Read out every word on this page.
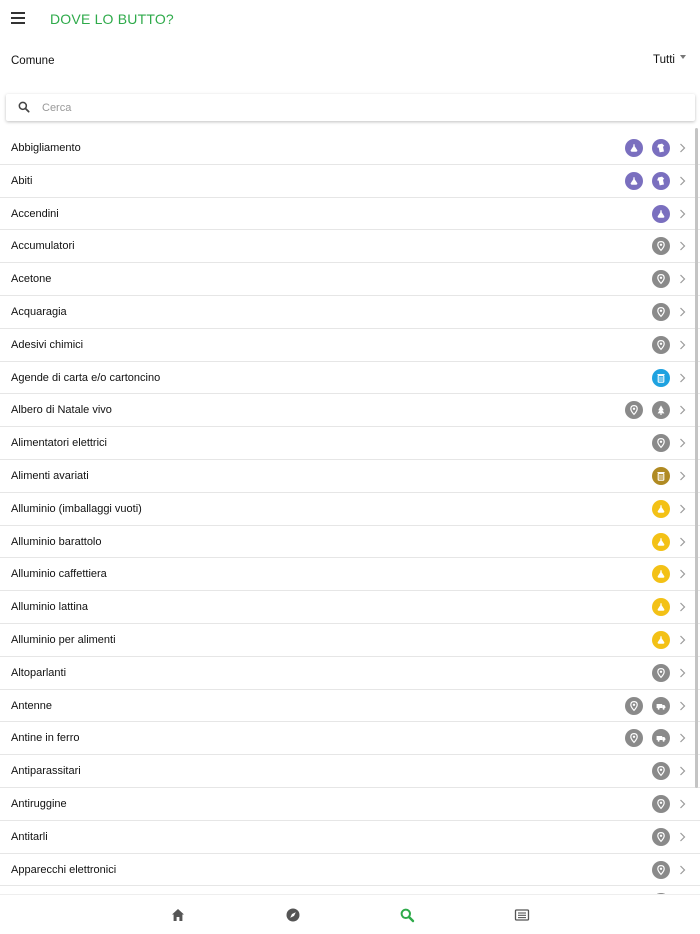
DOVE LO BUTTO?
Comune	Tutti
Cerca
Abbigliamento
Abiti
Accendini
Accumulatori
Acetone
Acquaragia
Adesivi chimici
Agende di carta e/o cartoncino
Albero di Natale vivo
Alimentatori elettrici
Alimenti avariati
Alluminio (imballaggi vuoti)
Alluminio barattolo
Alluminio caffettiera
Alluminio lattina
Alluminio per alimenti
Altoparlanti
Antenne
Antine in ferro
Antiparassitari
Antiruggine
Antitarli
Apparecchi elettronici
